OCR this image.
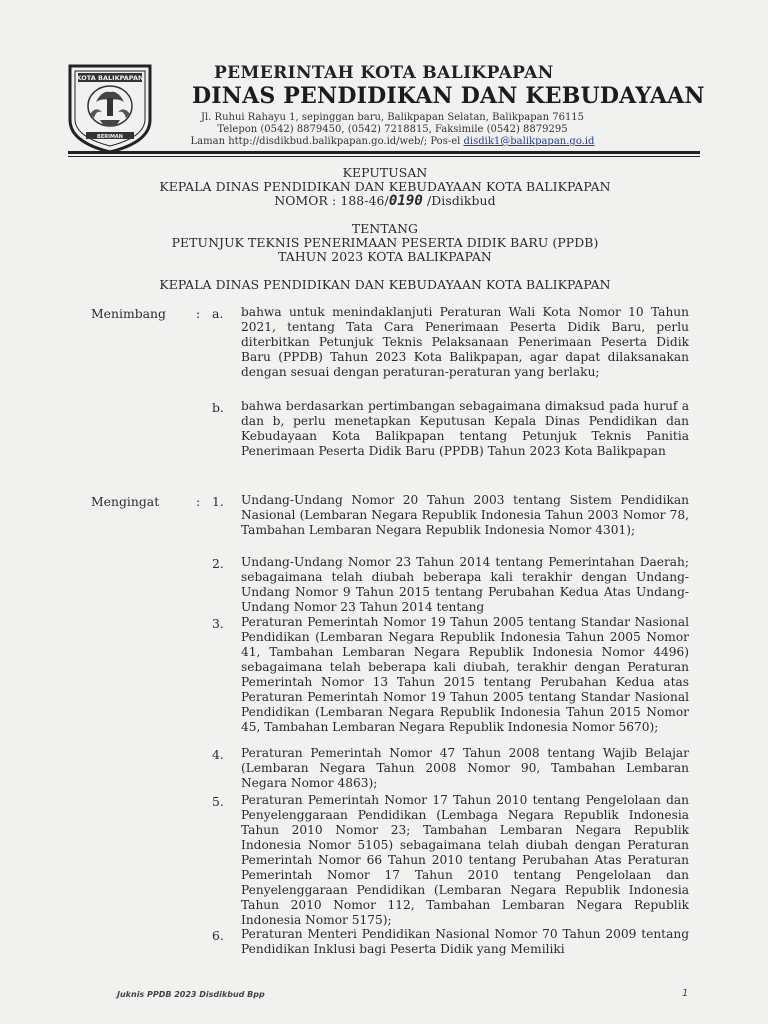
KOTA BALIKPAPAN
BERIMAN
PEMERINTAH KOTA BALIKPAPAN
DINAS PENDIDIKAN DAN KEBUDAYAAN
Jl. Ruhui Rahayu 1, sepinggan baru, Balikpapan Selatan, Balikpapan 76115
Telepon (0542) 8879450, (0542) 7218815, Faksimile (0542) 8879295
Laman http://disdikbud.balikpapan.go.id/web/; Pos-el disdik1@balikpapan.go.id
KEPUTUSAN
KEPALA DINAS PENDIDIKAN DAN KEBUDAYAAN KOTA BALIKPAPAN
NOMOR : 188-46/0190 /Disdikbud
TENTANG
PETUNJUK TEKNIS PENERIMAAN PESERTA DIDIK BARU (PPDB)
TAHUN 2023 KOTA BALIKPAPAN
KEPALA DINAS PENDIDIKAN DAN KEBUDAYAAN KOTA BALIKPAPAN
Menimbang : a.	bahwa untuk menindaklanjuti Peraturan Wali Kota Nomor 10 Tahun 2021, tentang Tata Cara Penerimaan Peserta Didik Baru, perlu diterbitkan Petunjuk Teknis Pelaksanaan Penerimaan Peserta Didik Baru (PPDB) Tahun 2023 Kota Balikpapan, agar dapat dilaksanakan dengan sesuai dengan peraturan-peraturan yang berlaku;
b.	bahwa berdasarkan pertimbangan sebagaimana dimaksud pada huruf a dan b, perlu menetapkan Keputusan Kepala Dinas Pendidikan dan Kebudayaan Kota Balikpapan tentang Petunjuk Teknis Panitia Penerimaan Peserta Didik Baru (PPDB) Tahun 2023 Kota Balikpapan
Mengingat	: 1.	Undang-Undang Nomor 20 Tahun 2003 tentang Sistem Pendidikan Nasional (Lembaran Negara Republik Indonesia Tahun 2003 Nomor 78, Tambahan Lembaran Negara Republik Indonesia Nomor 4301);
2.	Undang-Undang Nomor 23 Tahun 2014 tentang Pemerintahan Daerah; sebagaimana telah diubah beberapa kali terakhir dengan Undang-Undang Nomor 9 Tahun 2015 tentang Perubahan Kedua Atas Undang-Undang Nomor 23 Tahun 2014 tentang
3.	Peraturan Pemerintah Nomor 19 Tahun 2005 tentang Standar Nasional Pendidikan (Lembaran Negara Republik Indonesia Tahun 2005 Nomor 41, Tambahan Lembaran Negara Republik Indonesia Nomor 4496) sebagaimana telah beberapa kali diubah, terakhir dengan Peraturan Pemerintah Nomor 13 Tahun 2015 tentang Perubahan Kedua atas Peraturan Pemerintah Nomor 19 Tahun 2005 tentang Standar Nasional Pendidikan (Lembaran Negara Republik Indonesia Tahun 2015 Nomor 45, Tambahan Lembaran Negara Republik Indonesia Nomor 5670);
4.	Peraturan Pemerintah Nomor 47 Tahun 2008 tentang Wajib Belajar (Lembaran Negara Tahun 2008 Nomor 90, Tambahan Lembaran Negara Nomor 4863);
5.	Peraturan Pemerintah Nomor 17 Tahun 2010 tentang Pengelolaan dan Penyelenggaraan Pendidikan (Lembaga Negara Republik Indonesia Tahun 2010 Nomor 23; Tambahan Lembaran Negara Republik Indonesia Nomor 5105) sebagaimana telah diubah dengan Peraturan Pemerintah Nomor 66 Tahun 2010 tentang Perubahan Atas Peraturan Pemerintah Nomor 17 Tahun 2010 tentang Pengelolaan dan Penyelenggaraan Pendidikan (Lembaran Negara Republik Indonesia Tahun 2010 Nomor 112, Tambahan Lembaran Negara Republik Indonesia Nomor 5175);
6.	Peraturan Menteri Pendidikan Nasional Nomor 70 Tahun 2009 tentang Pendidikan Inklusi bagi Peserta Didik yang Memiliki
Juknis PPDB 2023 Disdikbud Bpp	1
